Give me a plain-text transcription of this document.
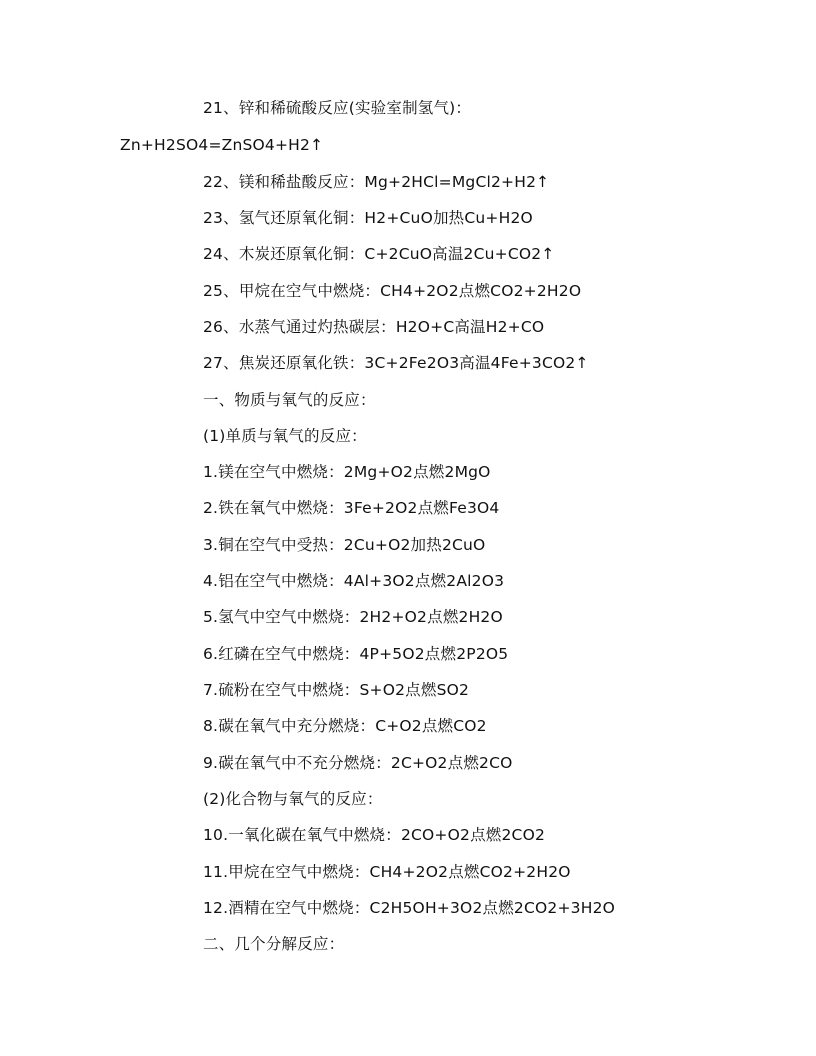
21、锌和稀硫酸反应(实验室制氢气)：
Zn+H2SO4=ZnSO4+H2↑
22、镁和稀盐酸反应：Mg+2HCl=MgCl2+H2↑
23、氢气还原氧化铜：H2+CuO加热Cu+H2O
24、木炭还原氧化铜：C+2CuO高温2Cu+CO2↑
25、甲烷在空气中燃烧：CH4+2O2点燃CO2+2H2O
26、水蒸气通过灼热碳层：H2O+C高温H2+CO
27、焦炭还原氧化铁：3C+2Fe2O3高温4Fe+3CO2↑
一、物质与氧气的反应：
(1)单质与氧气的反应：
1.镁在空气中燃烧：2Mg+O2点燃2MgO
2.铁在氧气中燃烧：3Fe+2O2点燃Fe3O4
3.铜在空气中受热：2Cu+O2加热2CuO
4.铝在空气中燃烧：4Al+3O2点燃2Al2O3
5.氢气中空气中燃烧：2H2+O2点燃2H2O
6.红磷在空气中燃烧：4P+5O2点燃2P2O5
7.硫粉在空气中燃烧：S+O2点燃SO2
8.碳在氧气中充分燃烧：C+O2点燃CO2
9.碳在氧气中不充分燃烧：2C+O2点燃2CO
(2)化合物与氧气的反应：
10.一氧化碳在氧气中燃烧：2CO+O2点燃2CO2
11.甲烷在空气中燃烧：CH4+2O2点燃CO2+2H2O
12.酒精在空气中燃烧：C2H5OH+3O2点燃2CO2+3H2O
二、几个分解反应：
